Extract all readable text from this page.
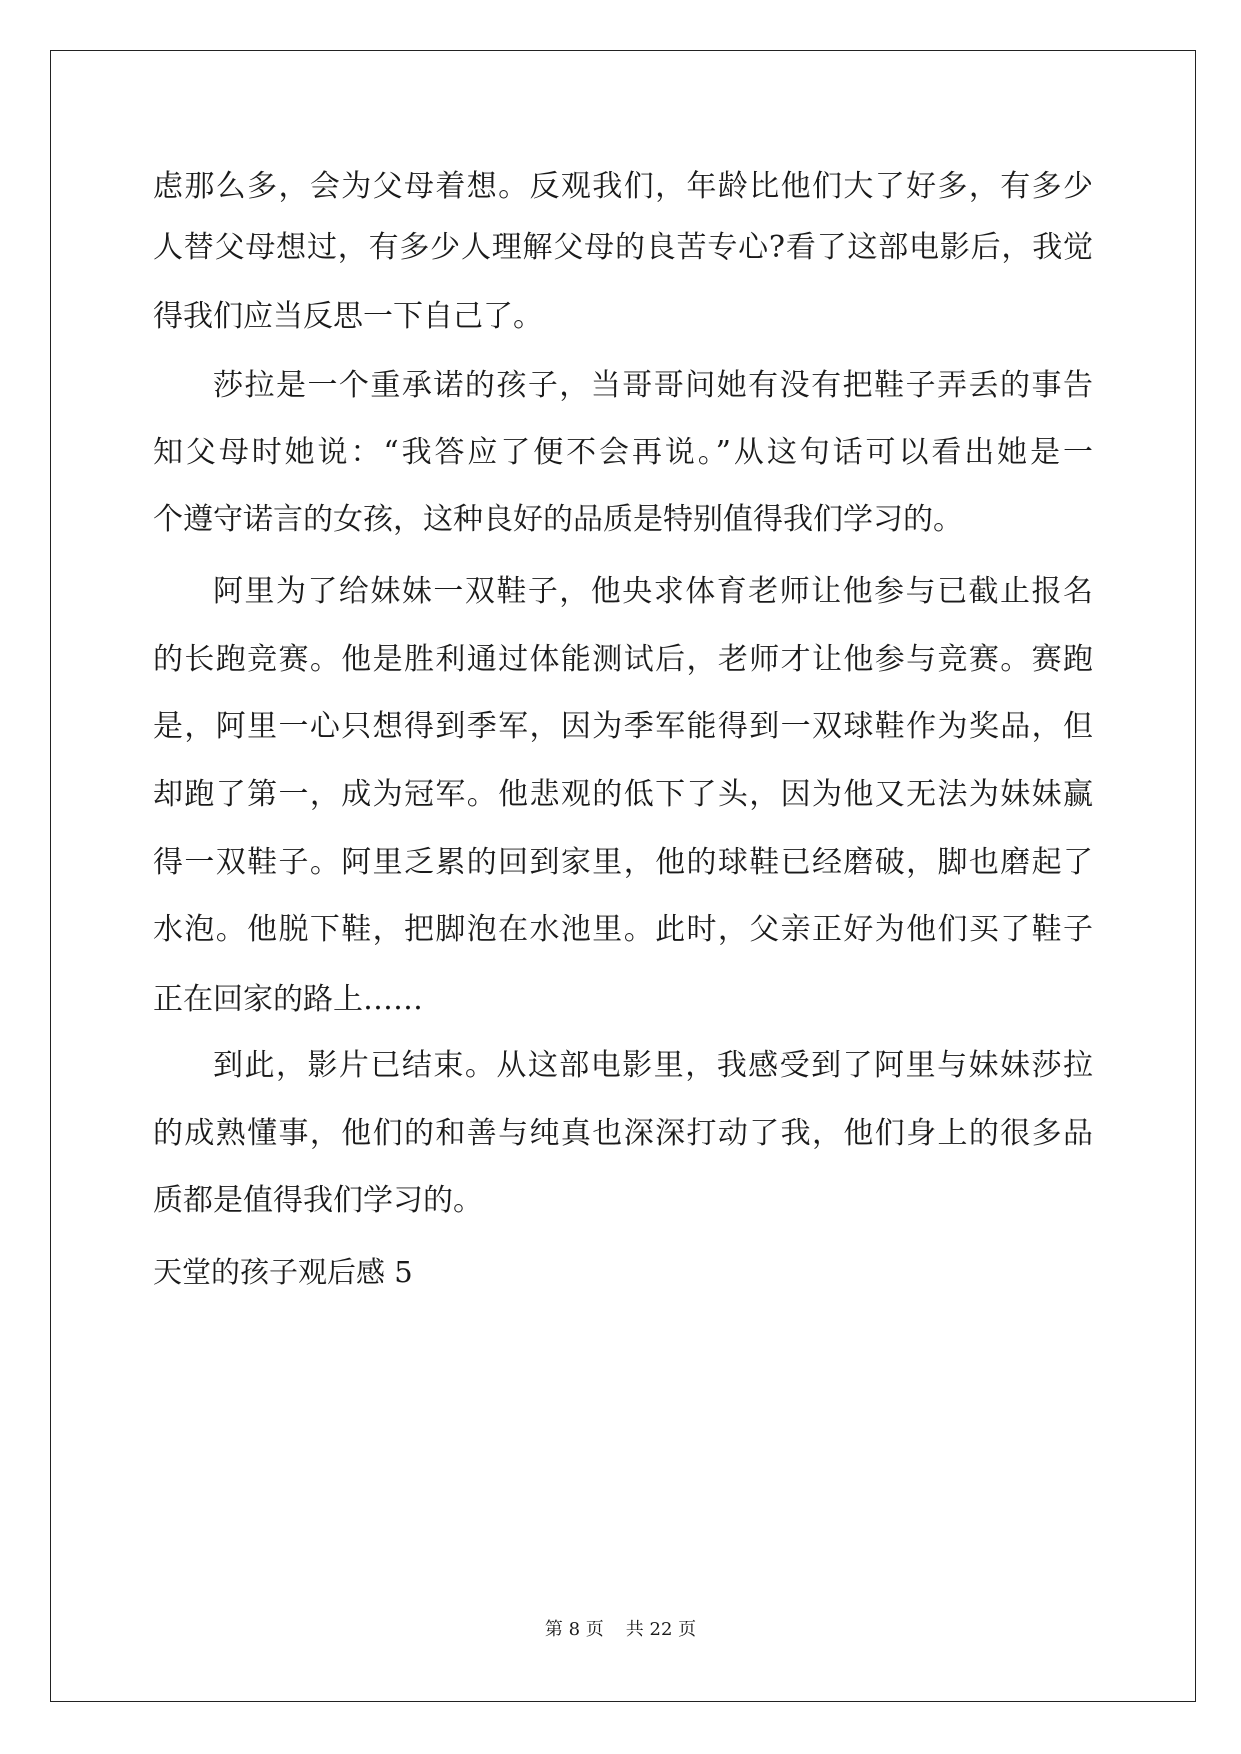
虑那么多，会为父母着想。反观我们，年龄比他们大了好多，有多少
人替父母想过，有多少人理解父母的良苦专心?看了这部电影后，我觉
得我们应当反思一下自己了。
莎拉是一个重承诺的孩子，当哥哥问她有没有把鞋子弄丢的事告
知父母时她说：“我答应了便不会再说。”从这句话可以看出她是一
个遵守诺言的女孩，这种良好的品质是特别值得我们学习的。
阿里为了给妹妹一双鞋子，他央求体育老师让他参与已截止报名
的长跑竞赛。他是胜利通过体能测试后，老师才让他参与竞赛。赛跑
是，阿里一心只想得到季军，因为季军能得到一双球鞋作为奖品，但
却跑了第一，成为冠军。他悲观的低下了头，因为他又无法为妹妹赢
得一双鞋子。阿里乏累的回到家里，他的球鞋已经磨破，脚也磨起了
水泡。他脱下鞋，把脚泡在水池里。此时，父亲正好为他们买了鞋子
正在回家的路上……
到此，影片已结束。从这部电影里，我感受到了阿里与妹妹莎拉
的成熟懂事，他们的和善与纯真也深深打动了我，他们身上的很多品
质都是值得我们学习的。
天堂的孩子观后感 5
第 8 页 共 22 页
